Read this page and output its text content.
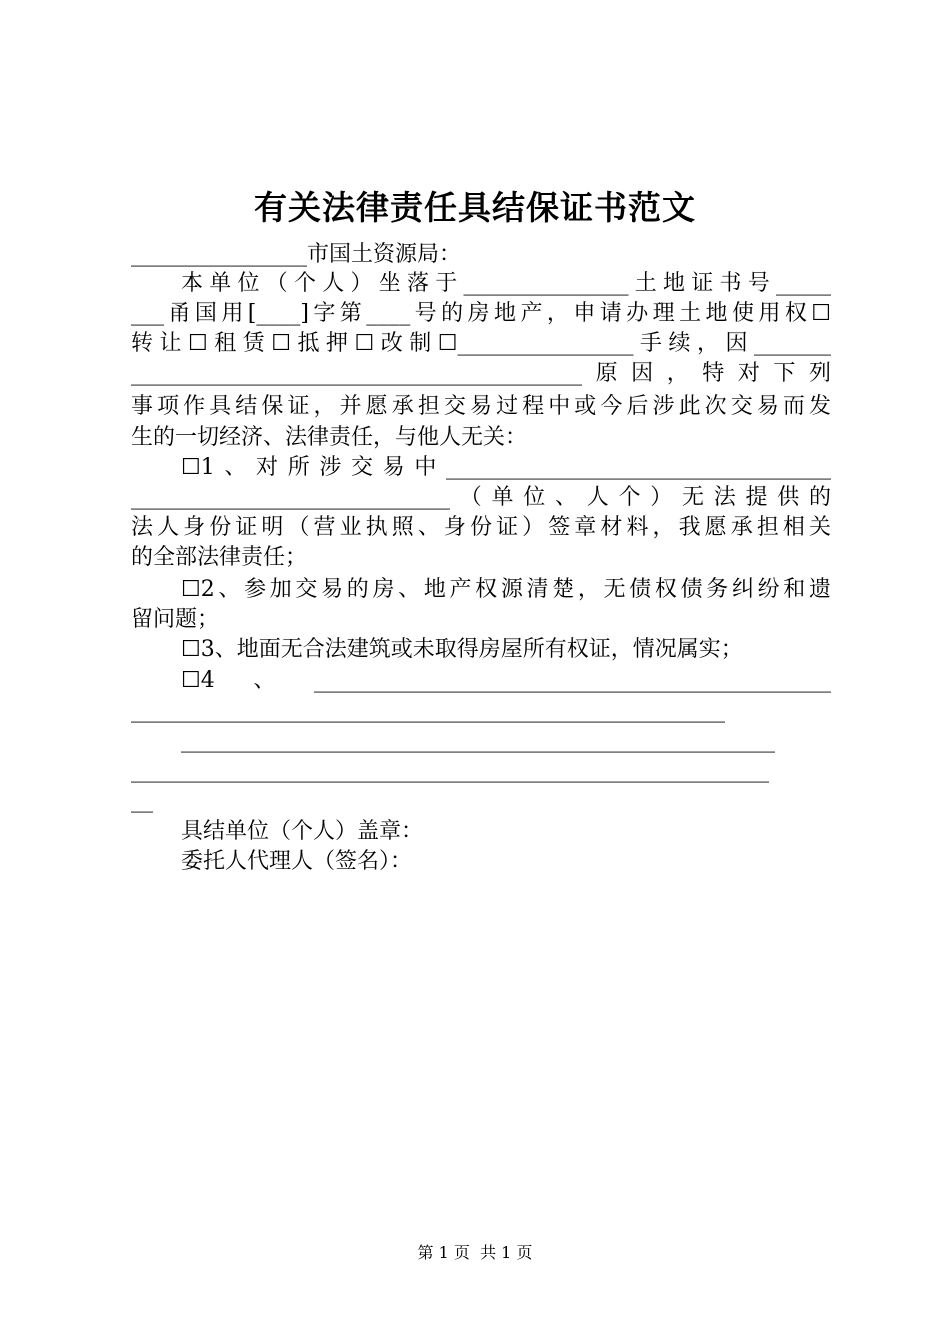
有关法律责任具结保证书范文
________________市国土资源局：
本单位（个人）坐落于_______________土地证书号_____
___甬国用[____]字第____号的房地产，申请办理土地使用权☐
转让☐租赁☐抵押☐改制☐________________手续，因_______
_________________________________________原因，特对下列
事项作具结保证，并愿承担交易过程中或今后涉此次交易而发
生的一切经济、法律责任，与他人无关：
☐1、对所涉交易中___________________________________
_____________________________（单位、人个）无法提供的
法人身份证明（营业执照、身份证）签章材料，我愿承担相关
的全部法律责任；
☐2、参加交易的房、地产权源清楚，无债权债务纠纷和遗
留问题；
☐3、地面无合法建筑或未取得房屋所有权证，情况属实；
☐4、_______________________________________________
______________________________________________________
______________________________________________________
__________________________________________________________
__
具结单位（个人）盖章：
委托人代理人（签名）：
第 1 页  共 1 页
